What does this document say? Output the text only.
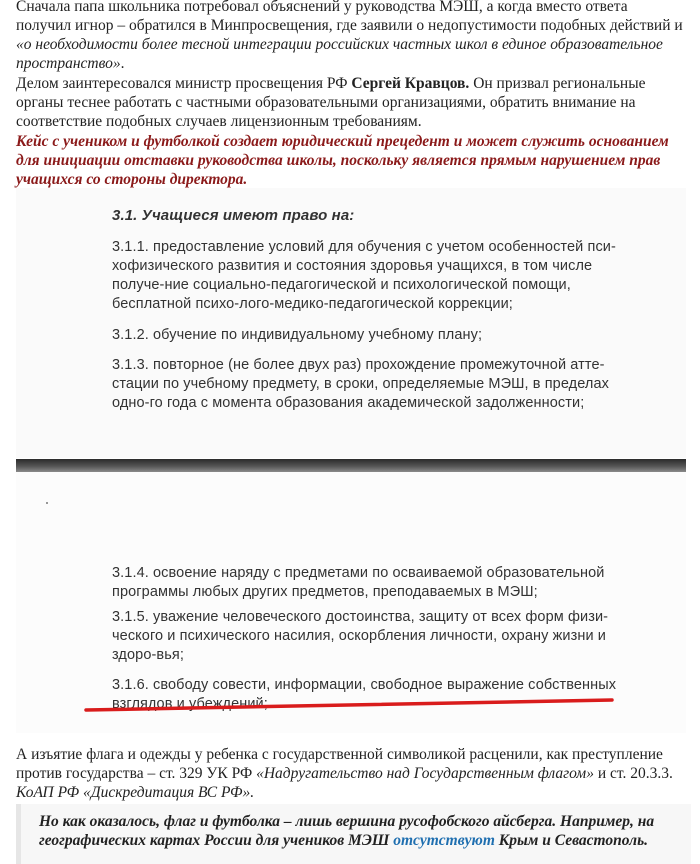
Сначала папа школьника потребовал объяснений у руководства МЭШ, а когда вместо ответа получил игнор – обратился в Минпросвещения, где заявили о недопустимости подобных действий и «о необходимости более тесной интеграции российских частных школ в единое образовательное пространство».

Делом заинтересовался министр просвещения РФ Сергей Кравцов. Он призвал региональные органы теснее работать с частными образовательными организациями, обратить внимание на соответствие подобных случаев лицензионным требованиям.

Кейс с учеником и футболкой создает юридический прецедент и может служить основанием для инициации отставки руководства школы, поскольку является прямым нарушением прав учащихся со стороны директора.

А изъятие флага и одежды у ребенка с государственной символикой расценили, как преступление против государства – ст. 329 УК РФ «Надругательство над Государственным флагом» и ст. 20.3.3. КоАП РФ «Дискредитация ВС РФ».

Но как оказалось, флаг и футболка – лишь вершина русофобского айсберга. Например, на географических картах России для учеников МЭШ отсутствуют Крым и Севастополь.
3.1. Учащиеся имеют право на:
3.1.1. предоставление условий для обучения с учетом особенностей пси-хофизического развития и состояния здоровья учащихся, в том числе получе-ние социально-педагогической и психологической помощи, бесплатной психо-лого-медико-педагогической коррекции;
3.1.2. обучение по индивидуальному учебному плану;
3.1.3. повторное (не более двух раз) прохождение промежуточной атте-стации по учебному предмету, в сроки, определяемые МЭШ, в пределах одно-го года с момента образования академической задолженности;
3.1.4. освоение наряду с предметами по осваиваемой образовательной программы любых других предметов, преподаваемых в МЭШ;
3.1.5. уважение человеческого достоинства, защиту от всех форм физи-ческого и психического насилия, оскорбления личности, охрану жизни и здоро-вья;
3.1.6. свободу совести, информации, свободное выражение собственных взглядов и убеждений;
